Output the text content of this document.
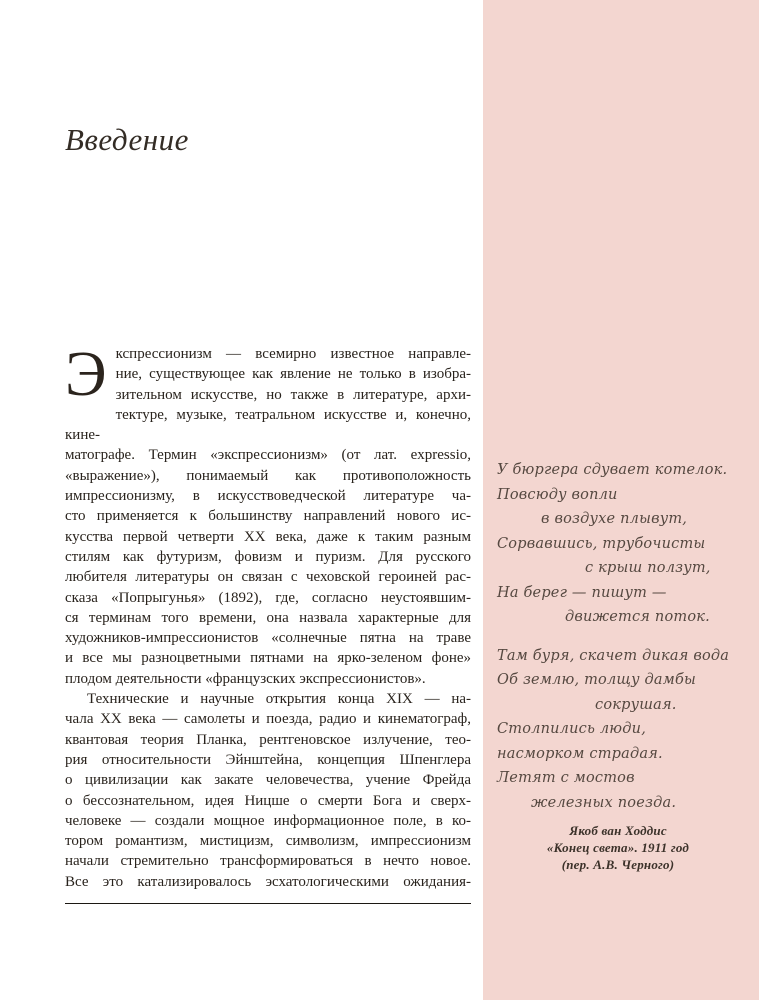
Введение
Э кспрессионизм — всемирно известное направле-
ние, существующее как явление не только в изобра-
зительном искусстве, но также в литературе, архи-
тектуре, музыке, театральном искусстве и, конечно, кине-
матографе. Термин «экспрессионизм» (от лат. expressio,
«выражение»), понимаемый как противоположность
импрессионизму, в искусствоведческой литературе ча-
сто применяется к большинству направлений нового ис-
кусства первой четверти XX века, даже к таким разным
стилям как футуризм, фовизм и пуризм. Для русского
любителя литературы он связан с чеховской героиней рас-
сказа «Попрыгунья» (1892), где, согласно неустоявшим-
ся терминам того времени, она назвала характерные для
художников-импрессионистов «солнечные пятна на траве
и все мы разноцветными пятнами на ярко-зеленом фоне»
плодом деятельности «французских экспрессионистов».
Технические и научные открытия конца XIX — на-
чала XX века — самолеты и поезда, радио и кинематограф,
квантовая теория Планка, рентгеновское излучение, тео-
рия относительности Эйнштейна, концепция Шпенглера
о цивилизации как закате человечества, учение Фрейда
о бессознательном, идея Ницше о смерти Бога и сверх-
человеке — создали мощное информационное поле, в ко-
тором романтизм, мистицизм, символизм, импрессионизм
начали стремительно трансформироваться в нечто новое.
Все это катализировалось эсхатологическими ожидания-
У бюргера сдувает котелок.
Повсюду вопли
в воздухе плывут,
Сорвавшись, трубочисты
с крыш ползут,
На берег — пишут —
движется поток.
Там буря, скачет дикая вода
Об землю, толщу дамбы
сокрушая.
Столпились люди,
насморком страдая.
Летят с мостов
железных поезда.
Якоб ван Ходдис
«Конец света». 1911 год
(пер. А.В. Черного)
